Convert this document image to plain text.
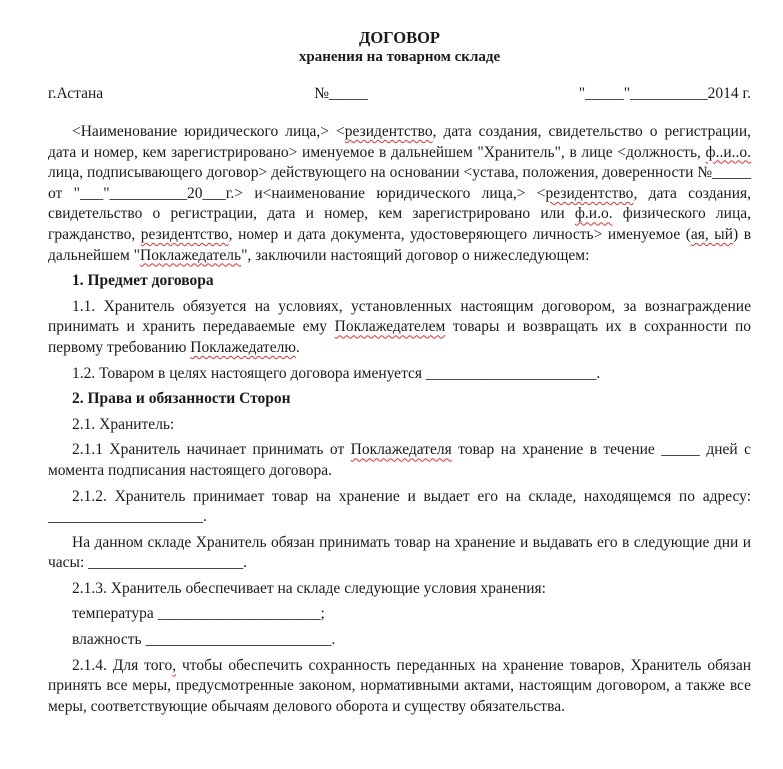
ДОГОВОР
хранения на товарном складе
г.Астана	№_____	"_____"__________2014 г.

<Наименование юридического лица,> <резидентство, дата создания, свидетельство о регистрации, дата и номер, кем зарегистрировано> именуемое в дальнейшем "Хранитель", в лице <должность, ф..и..о. лица, подписывающего договор> действующего на основании <устава, положения, доверенности №_____ от "___"__________20___г.> и<наименование юридического лица,> <резидентство, дата создания, свидетельство о регистрации, дата и номер, кем зарегистрировано или ф.и.о. физического лица, гражданство, резидентство, номер и дата документа, удостоверяющего личность> именуемое (ая, ый) в дальнейшем "Поклажедатель", заключили настоящий договор о нижеследующем:

1. Предмет договора

1.1. Хранитель обязуется на условиях, установленных настоящим договором, за вознаграждение принимать и хранить передаваемые ему Поклажедателем товары и возвращать их в сохранности по первому требованию Поклажедателю.

1.2. Товаром в целях настоящего договора именуется ______________________.

2. Права и обязанности Сторон

2.1. Хранитель:

2.1.1 Хранитель начинает принимать от Поклажедателя товар на хранение в течение _____ дней с момента подписания настоящего договора.

2.1.2. Хранитель принимает товар на хранение и выдает его на складе, находящемся по адресу: ____________________.

На данном складе Хранитель обязан принимать товар на хранение и выдавать его в следующие дни и часы: ____________________.

2.1.3. Хранитель обеспечивает на складе следующие условия хранения:

температура _____________________;
влажность ________________________.

2.1.4. Для того, чтобы обеспечить сохранность переданных на хранение товаров, Хранитель обязан принять все меры, предусмотренные законом, нормативными актами, настоящим договором, а также все меры, соответствующие обычаям делового оборота и существу обязательства.
